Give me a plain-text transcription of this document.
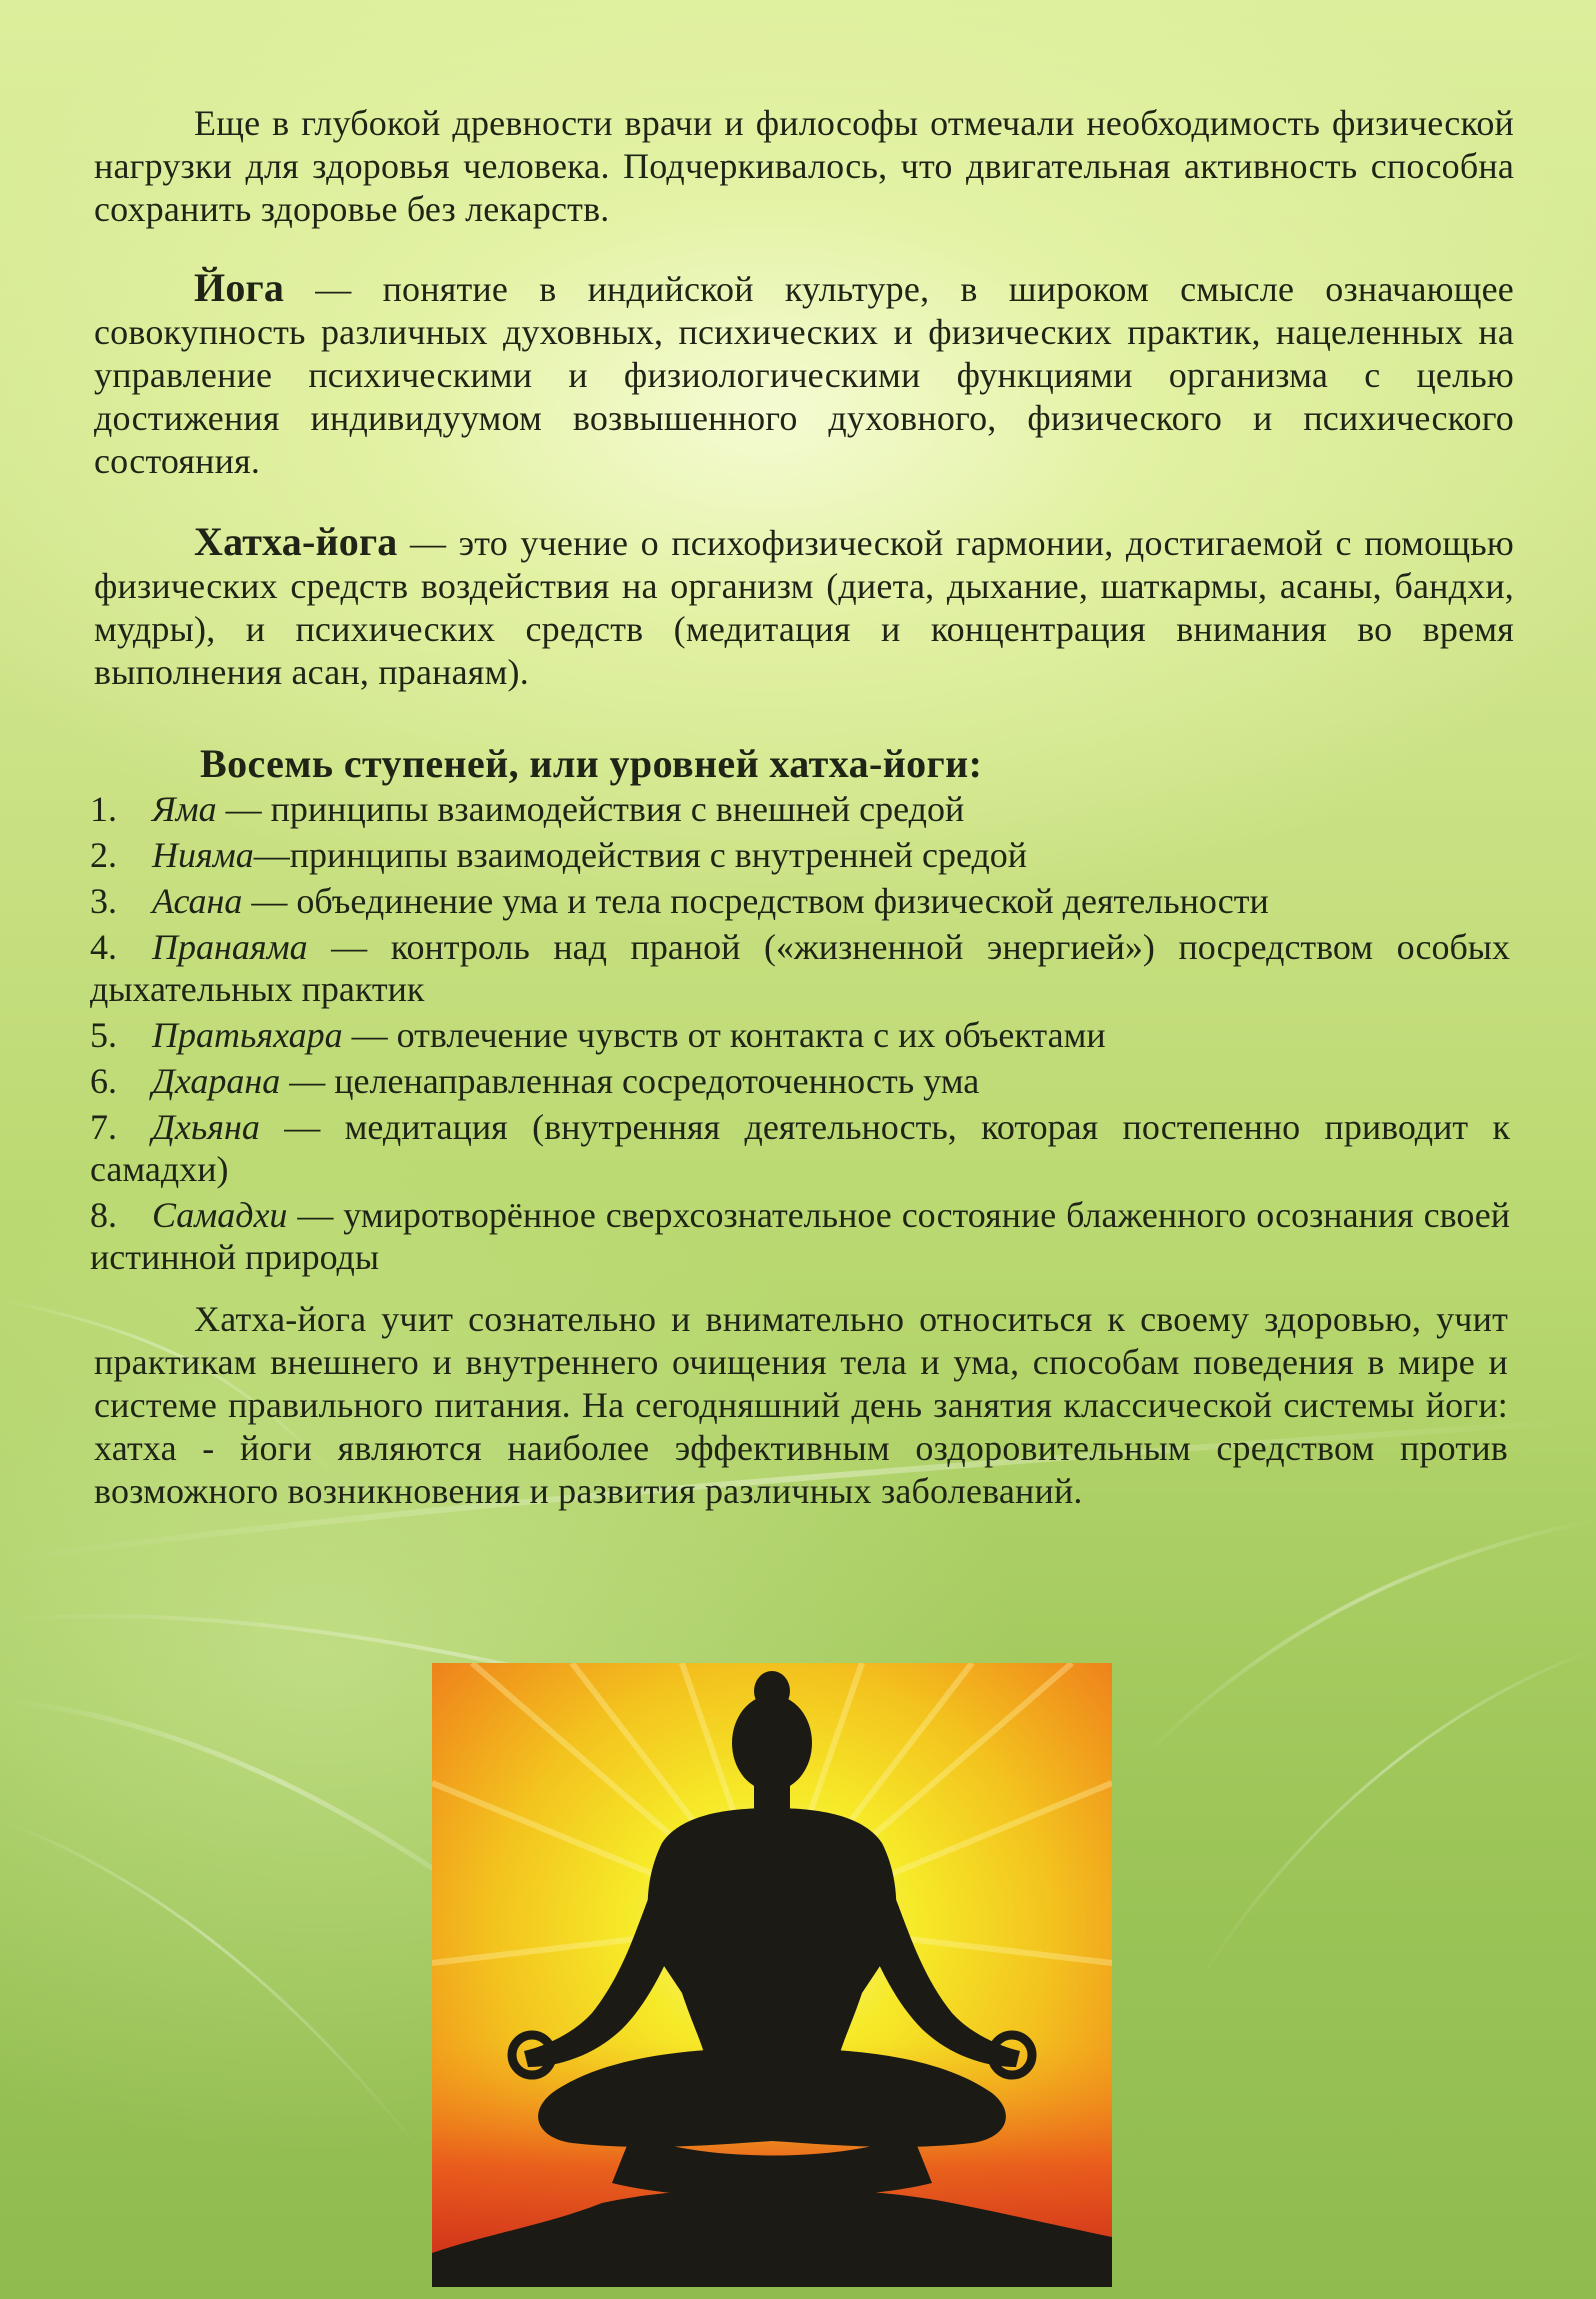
Еще в глубокой древности врачи и философы отмечали необходимость физической нагрузки для здоровья человека. Подчеркивалось, что двигательная активность способна сохранить здоровье без лекарств.

Йога — понятие в индийской культуре, в широком смысле означающее совокупность различных духовных, психических и физических практик, нацеленных на управление психическими и физиологическими функциями организма с целью достижения индивидуумом возвышенного духовного, физического и психического состояния.

Хатха-йога — это учение о психофизической гармонии, достигаемой с помощью физических средств воздействия на организм (диета, дыхание, шаткармы, асаны, бандхи, мудры), и психических средств (медитация и концентрация внимания во время выполнения асан, пранаям).

Восемь ступеней, или уровней хатха-йоги:
1. Яма — принципы взаимодействия с внешней средой
2. Нияма—принципы взаимодействия с внутренней средой
3. Асана — объединение ума и тела посредством физической деятельности
4. Пранаяма — контроль над праной («жизненной энергией») посредством особых дыхательных практик
5. Пратьяхара — отвлечение чувств от контакта с их объектами
6. Дхарана — целенаправленная сосредоточенность ума
7. Дхьяна — медитация (внутренняя деятельность, которая постепенно приводит к самадхи)
8. Самадхи — умиротворённое сверхсознательное состояние блаженного осознания своей истинной природы

Хатха-йога учит сознательно и внимательно относиться к своему здоровью, учит практикам внешнего и внутреннего очищения тела и ума, способам поведения в мире и системе правильного питания. На сегодняшний день занятия классической системы йоги: хатха - йоги являются наиболее эффективным оздоровительным средством против возможного возникновения и развития различных заболеваний.
